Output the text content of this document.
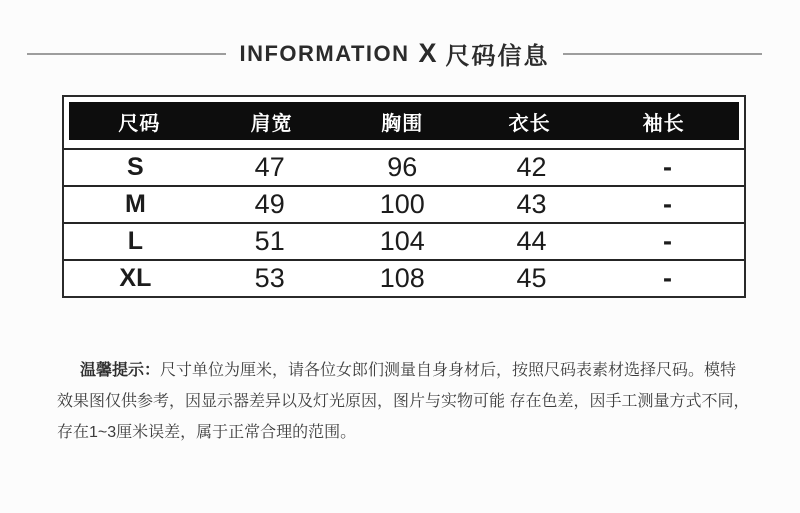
INFORMATION X 尺码信息
尺码	肩宽	胸围	衣长	袖长
S	47	96	42	-
M	49	100	43	-
L	51	104	44	-
XL	53	108	45	-
温馨提示：尺寸单位为厘米，请各位女郎们测量自身身材后，按照尺码表素材选择尺码。模特
效果图仅供参考，因显示器差异以及灯光原因，图片与实物可能 存在色差，因手工测量方式不同，
存在1~3厘米误差，属于正常合理的范围。
